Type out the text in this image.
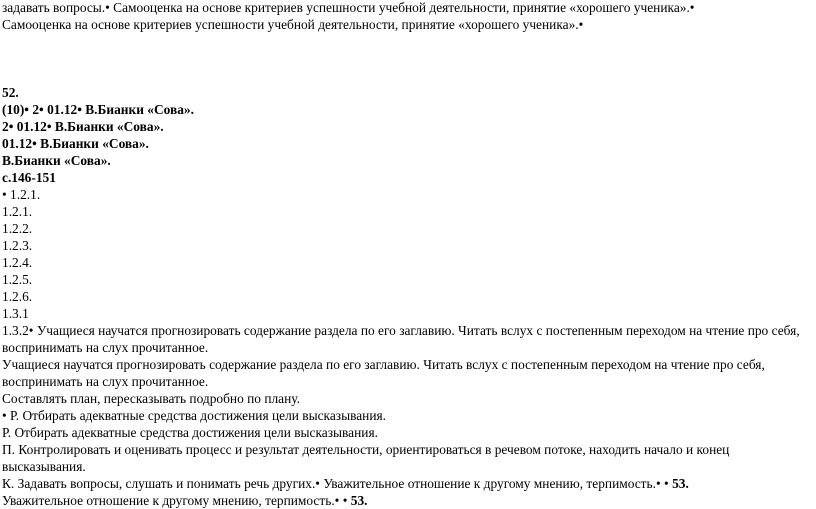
задавать вопросы.• Самооценка на основе критериев успешности учебной деятельности, принятие «хорошего ученика».•
Самооценка на основе критериев успешности учебной деятельности, принятие «хорошего ученика».•
52.
(10)• 2• 01.12• В.Бианки «Сова».
2• 01.12• В.Бианки «Сова».
01.12• В.Бианки «Сова».
В.Бианки «Сова».
с.146-151
• 1.2.1.
1.2.1.
1.2.2.
1.2.3.
1.2.4.
1.2.5.
1.2.6.
1.3.1
1.3.2• Учащиеся научатся прогнозировать содержание раздела по его заглавию. Читать вслух с постепенным переходом на чтение про себя, воспринимать на слух прочитанное.
Учащиеся научатся прогнозировать содержание раздела по его заглавию. Читать вслух с постепенным переходом на чтение про себя, воспринимать на слух прочитанное.
Составлять план, пересказывать подробно по плану.
• Р. Отбирать адекватные средства достижения цели высказывания.
Р. Отбирать адекватные средства достижения цели высказывания.
П. Контролировать и оценивать процесс и результат деятельности, ориентироваться в речевом потоке, находить начало и конец высказывания.
К. Задавать вопросы, слушать и понимать речь других.• Уважительное отношение к другому мнению, терпимость.• • 53.
Уважительное отношение к другому мнению, терпимость.• • 53.
